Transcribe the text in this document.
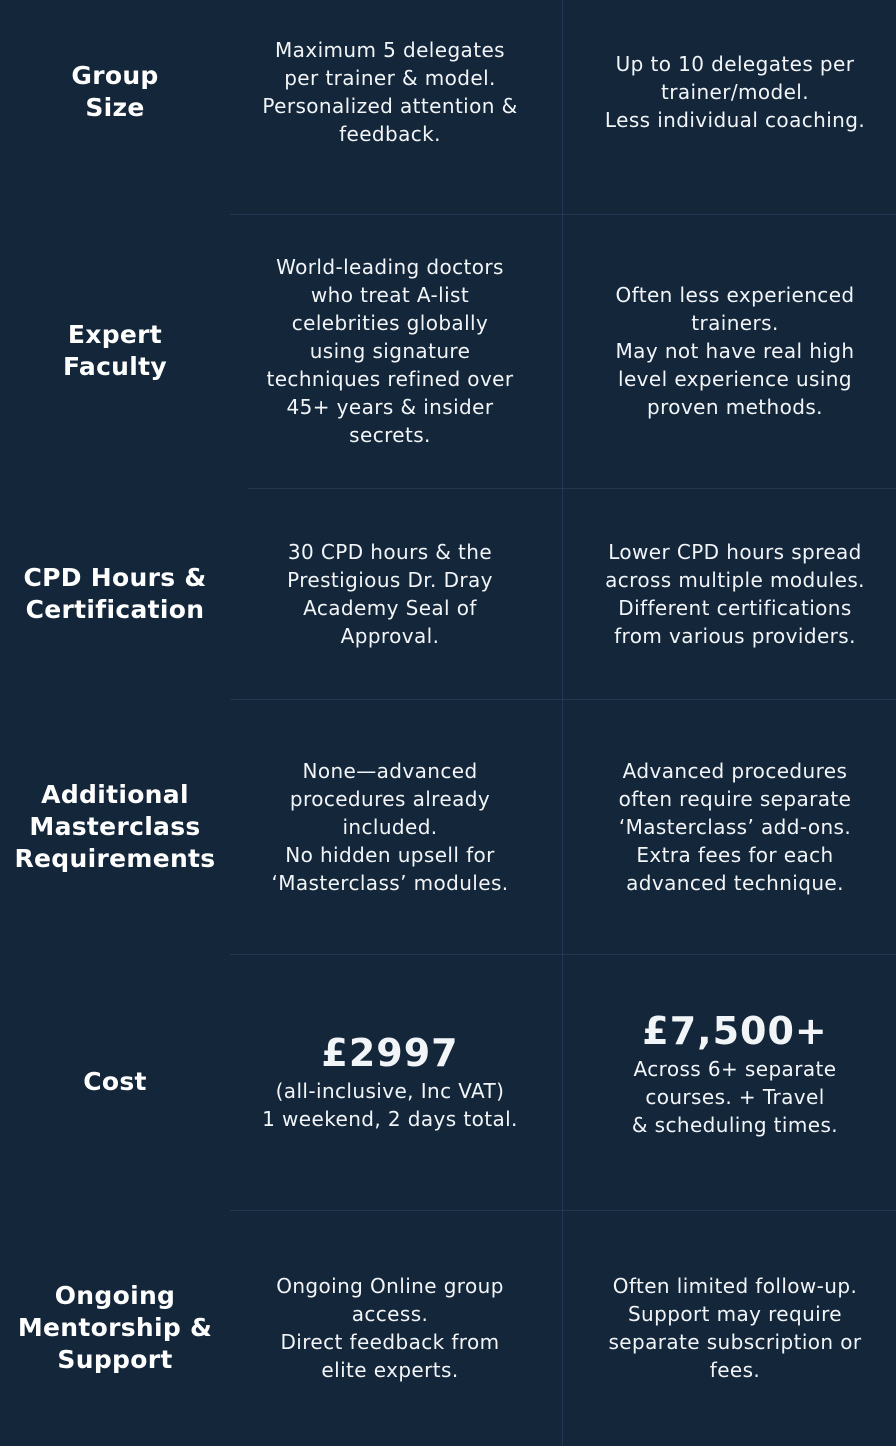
Group
Size
Maximum 5 delegates
per trainer & model.
Personalized attention &
feedback.
Up to 10 delegates per
trainer/model.
Less individual coaching.
Expert
Faculty
World-leading doctors
who treat A-list
celebrities globally
using signature
techniques refined over
45+ years & insider
secrets.
Often less experienced
trainers.
May not have real high
level experience using
proven methods.
CPD Hours &
Certification
30 CPD hours & the
Prestigious Dr. Dray
Academy Seal of
Approval.
Lower CPD hours spread
across multiple modules.
Different certifications
from various providers.
Additional
Masterclass
Requirements
None—advanced
procedures already
included.
No hidden upsell for
‘Masterclass’ modules.
Advanced procedures
often require separate
‘Masterclass’ add-ons.
Extra fees for each
advanced technique.
Cost
£2997
(all-inclusive, Inc VAT)
1 weekend, 2 days total.
£7,500+
Across 6+ separate
courses. + Travel
& scheduling times.
Ongoing
Mentorship &
Support
Ongoing Online group
access.
Direct feedback from
elite experts.
Often limited follow-up.
Support may require
separate subscription or
fees.
